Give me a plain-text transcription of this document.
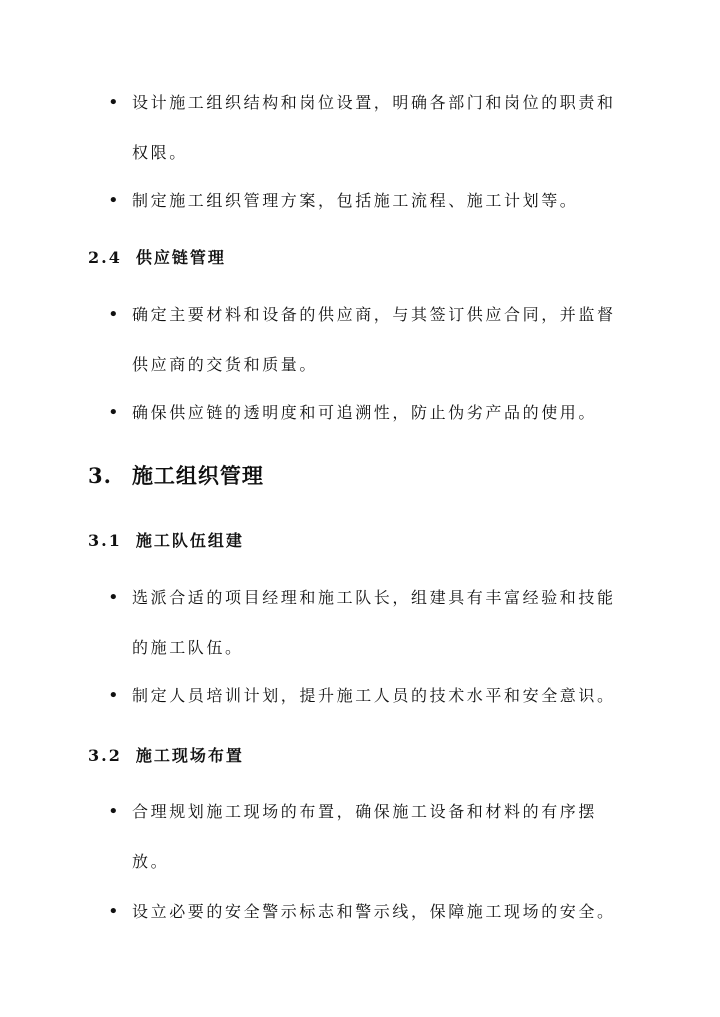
• 设计施工组织结构和岗位设置，明确各部门和岗位的职责和权限。
• 制定施工组织管理方案，包括施工流程、施工计划等。
2.4 供应链管理
• 确定主要材料和设备的供应商，与其签订供应合同，并监督供应商的交货和质量。
• 确保供应链的透明度和可追溯性，防止伪劣产品的使用。
3. 施工组织管理
3.1 施工队伍组建
• 选派合适的项目经理和施工队长，组建具有丰富经验和技能的施工队伍。
• 制定人员培训计划，提升施工人员的技术水平和安全意识。
3.2 施工现场布置
• 合理规划施工现场的布置，确保施工设备和材料的有序摆放。
• 设立必要的安全警示标志和警示线，保障施工现场的安全。
